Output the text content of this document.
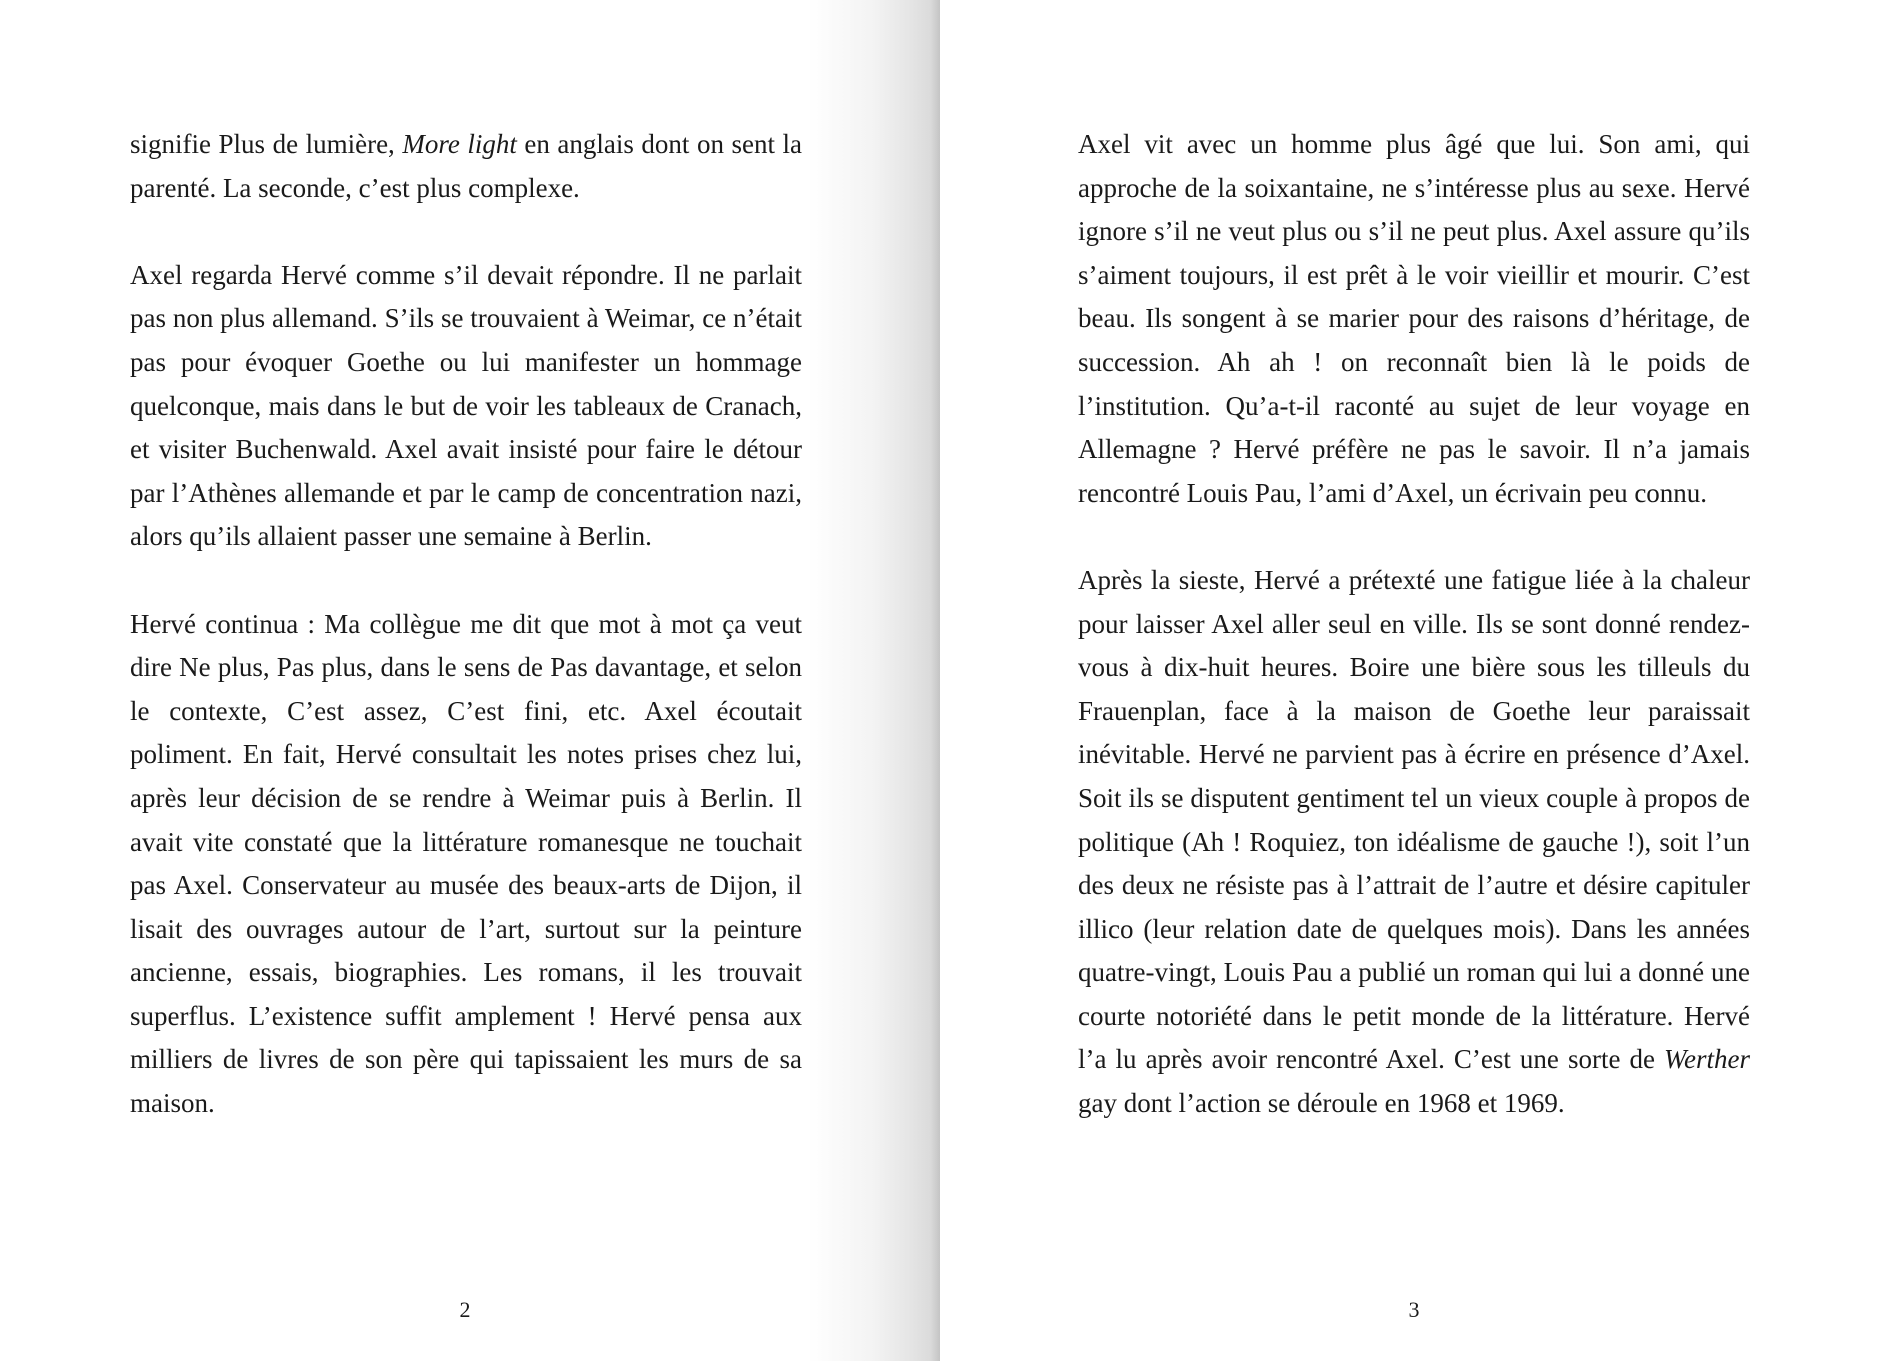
signifie Plus de lumière, More light en anglais dont on sent la parenté. La seconde, c’est plus complexe.

Axel regarda Hervé comme s’il devait répondre. Il ne parlait pas non plus allemand. S’ils se trouvaient à Weimar, ce n’était pas pour évoquer Goethe ou lui manifester un hommage quelconque, mais dans le but de voir les tableaux de Cranach, et visiter Buchenwald. Axel avait insisté pour faire le détour par l’Athènes allemande et par le camp de concentration nazi, alors qu’ils allaient passer une semaine à Berlin.

Hervé continua : Ma collègue me dit que mot à mot ça veut dire Ne plus, Pas plus, dans le sens de Pas davantage, et selon le contexte, C’est assez, C’est fini, etc. Axel écoutait poliment. En fait, Hervé consultait les notes prises chez lui, après leur décision de se rendre à Weimar puis à Berlin. Il avait vite constaté que la littérature romanesque ne touchait pas Axel. Conservateur au musée des beaux-arts de Dijon, il lisait des ouvrages autour de l’art, surtout sur la peinture ancienne, essais, biographies. Les romans, il les trouvait superflus. L’existence suffit amplement ! Hervé pensa aux milliers de livres de son père qui tapissaient les murs de sa maison.

2

Axel vit avec un homme plus âgé que lui. Son ami, qui approche de la soixantaine, ne s’intéresse plus au sexe. Hervé ignore s’il ne veut plus ou s’il ne peut plus. Axel assure qu’ils s’aiment toujours, il est prêt à le voir vieillir et mourir. C’est beau. Ils songent à se marier pour des raisons d’héritage, de succession. Ah ah ! on reconnaît bien là le poids de l’institution. Qu’a-t-il raconté au sujet de leur voyage en Allemagne ? Hervé préfère ne pas le savoir. Il n’a jamais rencontré Louis Pau, l’ami d’Axel, un écrivain peu connu.

Après la sieste, Hervé a prétexté une fatigue liée à la chaleur pour laisser Axel aller seul en ville. Ils se sont donné rendez-vous à dix-huit heures. Boire une bière sous les tilleuls du Frauenplan, face à la maison de Goethe leur paraissait inévitable. Hervé ne parvient pas à écrire en présence d’Axel. Soit ils se disputent gentiment tel un vieux couple à propos de politique (Ah ! Roquiez, ton idéalisme de gauche !), soit l’un des deux ne résiste pas à l’attrait de l’autre et désire capituler illico (leur relation date de quelques mois). Dans les années quatre-vingt, Louis Pau a publié un roman qui lui a donné une courte notoriété dans le petit monde de la littérature. Hervé l’a lu après avoir rencontré Axel. C’est une sorte de Werther gay dont l’action se déroule en 1968 et 1969.

3
